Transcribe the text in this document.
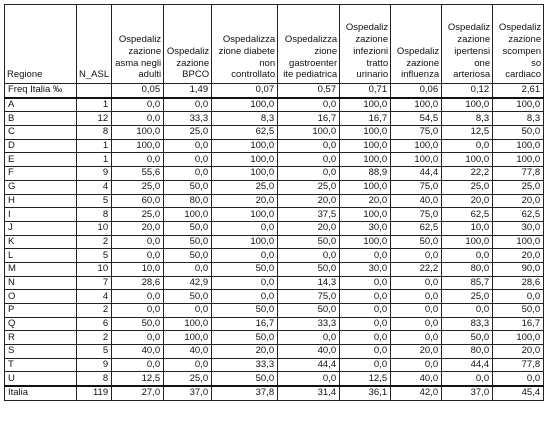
Regione	N_ASL	Ospedaliz zazione asma negli adulti	Ospedaliz zazione BPCO	Ospedalizza zione diabete non controllato	Ospedalizza zione gastroenter ite pediatrica	Ospedaliz zazione infezioni tratto urinario	Ospedaliz zazione influenza	Ospedaliz zazione ipertensi one arteriosa	Ospedaliz zazione scompen so cardiaco
Freq Italia ‰		0,05	1,49	0,07	0,57	0,71	0,06	0,12	2,61
A	1	0,0	0,0	100,0	0,0	100,0	100,0	100,0	100,0
B	12	0,0	33,3	8,3	16,7	16,7	54,5	8,3	8,3
C	8	100,0	25,0	62,5	100,0	100,0	75,0	12,5	50,0
D	1	100,0	0,0	100,0	0,0	100,0	100,0	0,0	100,0
E	1	0,0	0,0	100,0	0,0	100,0	100,0	100,0	100,0
F	9	55,6	0,0	100,0	0,0	88,9	44,4	22,2	77,8
G	4	25,0	50,0	25,0	25,0	100,0	75,0	25,0	25,0
H	5	60,0	80,0	20,0	20,0	20,0	40,0	20,0	20,0
I	8	25,0	100,0	100,0	37,5	100,0	75,0	62,5	62,5
J	10	20,0	50,0	0,0	20,0	30,0	62,5	10,0	30,0
K	2	0,0	50,0	100,0	50,0	100,0	50,0	100,0	100,0
L	5	0,0	50,0	0,0	0,0	0,0	0,0	0,0	20,0
M	10	10,0	0,0	50,0	50,0	30,0	22,2	80,0	90,0
N	7	28,6	42,9	0,0	14,3	0,0	0,0	85,7	28,6
O	4	0,0	50,0	0,0	75,0	0,0	0,0	25,0	0,0
P	2	0,0	0,0	50,0	50,0	0,0	0,0	0,0	50,0
Q	6	50,0	100,0	16,7	33,3	0,0	0,0	83,3	16,7
R	2	0,0	100,0	50,0	0,0	0,0	0,0	50,0	100,0
S	5	40,0	40,0	20,0	40,0	0,0	20,0	80,0	20,0
T	9	0,0	0,0	33,3	44,4	0,0	0,0	44,4	77,8
U	8	12,5	25,0	50,0	0,0	12,5	40,0	0,0	0,0
Italia	119	27,0	37,0	37,8	31,4	36,1	42,0	37,0	45,4
